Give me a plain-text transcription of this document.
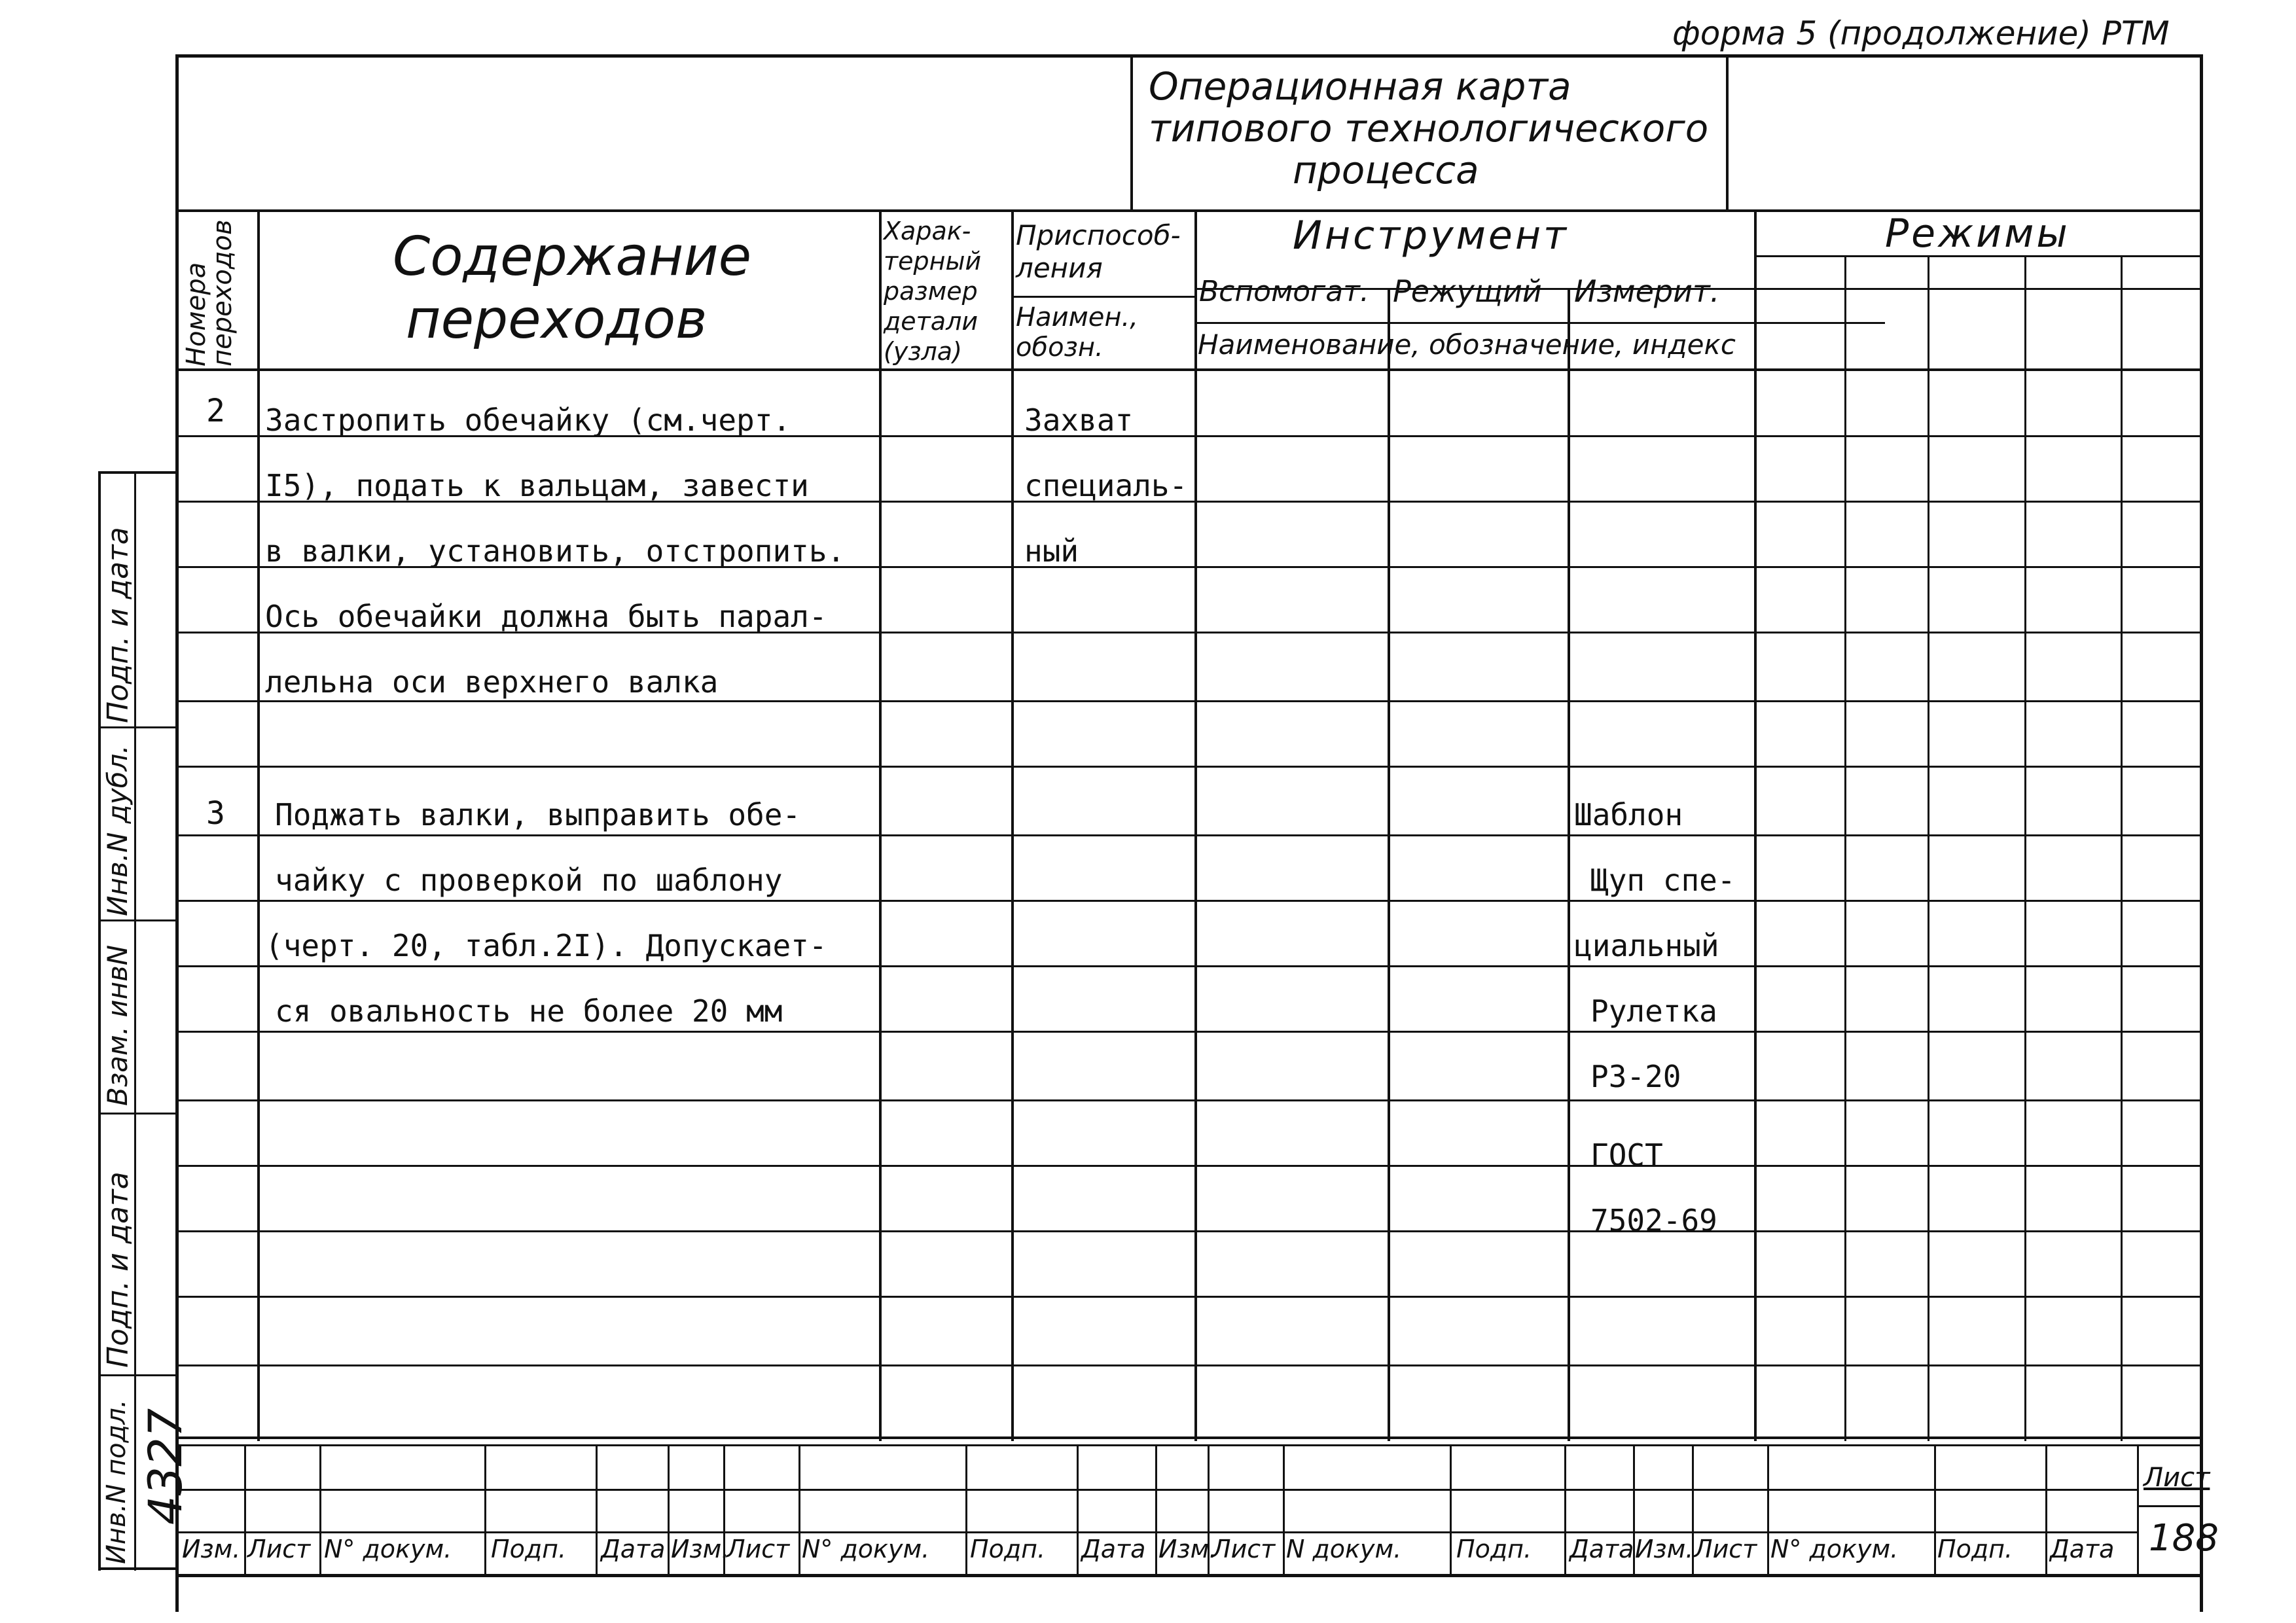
форма 5 (продолжение) РТМ
Операционная карта
типового технологического
процесса
Номера
переходов	Содержание
переходов
Харак-
терный
размер
детали
(узла)
Приспособ-
ления
Наимен.,
обозн.
Инструмент
Вспомогат. Режущий Измерит.
Наименование, обозначение, индекс
Режимы
2 Застропить обечайку (см.черт.
I5), подать к вальцам, завести
в валки, установить, отстропить.
Ось обечайки должна быть парал-
лельна оси верхнего валка
Захват
специаль-
ный
3 Поджать валки, выправить обе-
чайку с проверкой по шаблону
(черт. 20, табл.2I). Допускает-
ся овальность не более 20 мм
Шаблон
Щуп спе-
циальный
Рулетка
Р3-20
ГОСТ
7502-69
Инв.N подл.
Подп. и дата
Взам. инвN
Инв.N дубл.
Подп. и дата
4327
Изм. Лист N° докум. Подп. Дата Изм.
Лист N° докум. Подп. Дата Изм.
Лист N докум. Подп. Дата Изм. Лист N° докум. Подп. Дата
Лист
188
